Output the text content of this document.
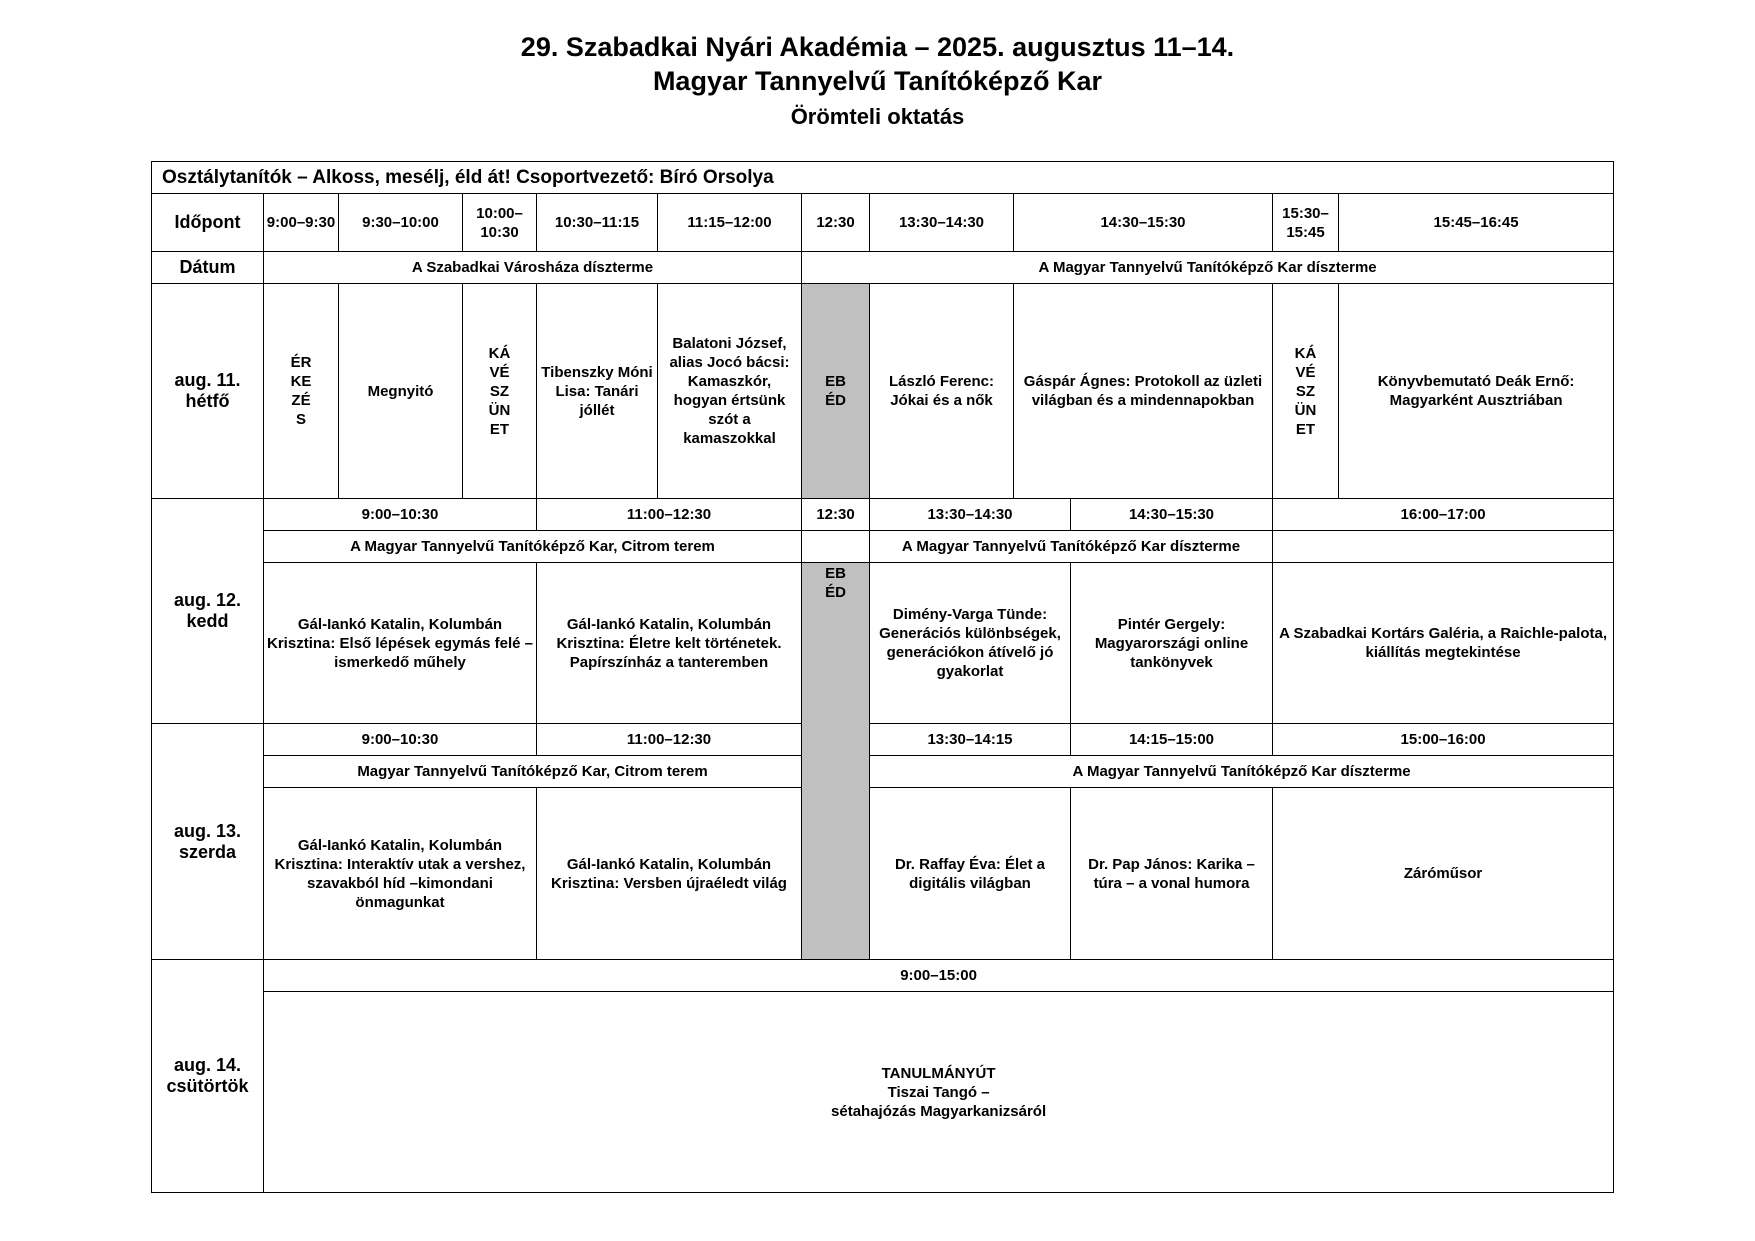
29. Szabadkai Nyári Akadémia – 2025. augusztus 11–14.
Magyar Tannyelvű Tanítóképző Kar
Örömteli oktatás
Osztálytanítók – Alkoss, mesélj, éld át! Csoportvezető: Bíró Orsolya											
Időpont	9:00–9:30	9:30–10:00	10:00–10:30	10:30–11:15	11:15–12:00	12:30	13:30–14:30	14:30–15:30		15:30–15:45	15:45–16:45
Dátum	A Szabadkai Városháza díszterme					A Magyar Tannyelvű Tanítóképző Kar díszterme					
aug. 11. hétfő	ÉRKEZÉS	Megnyitó	KÁVÉSZÜNET	Tibenszky Móni Lisa: Tanári jóllét	Balatoni József, alias Jocó bácsi: Kamaszkór, hogyan értsünk szót a kamaszokkal	EBÉD	László Ferenc: Jókai és a nők	Gáspár Ágnes: Protokoll az üzleti világban és a mindennapokban		KÁVÉSZÜNET	Könyvbemutató Deák Ernő: Magyarként Ausztriában
aug. 12. kedd	9:00–10:30			11:00–12:30		12:30	13:30–14:30		14:30–15:30	16:00–17:00	
	A Magyar Tannyelvű Tanítóképző Kar, Citrom terem						A Magyar Tannyelvű Tanítóképző Kar díszterme				
	Gál-Iankó Katalin, Kolumbán Krisztina: Első lépések egymás felé – ismerkedő műhely			Gál-Iankó Katalin, Kolumbán Krisztina: Életre kelt történetek. Papírszínház a tanteremben		EBÉD	Dimény-Varga Tünde: Generációs különbségek, generációkon átívelő jó gyakorlat		Pintér Gergely: Magyarországi online tankönyvek	A Szabadkai Kortárs Galéria, a Raichle-palota, kiállítás megtekintése	
aug. 13. szerda	9:00–10:30			11:00–12:30			13:30–14:15		14:15–15:00	15:00–16:00	
	Magyar Tannyelvű Tanítóképző Kar, Citrom terem						A Magyar Tannyelvű Tanítóképző Kar díszterme				
	Gál-Iankó Katalin, Kolumbán Krisztina: Interaktív utak a vershez, szavakból híd –kimondani önmagunkat			Gál-Iankó Katalin, Kolumbán Krisztina: Versben újraéledt világ			Dr. Raffay Éva: Élet a digitális világban		Dr. Pap János: Karika – túra – a vonal humora	Záróműsor	
aug. 14. csütörtök	9:00–15:00										

	TANULMÁNYÚT
Tiszai Tangó –
sétahajózás Magyarkanizsáról										
